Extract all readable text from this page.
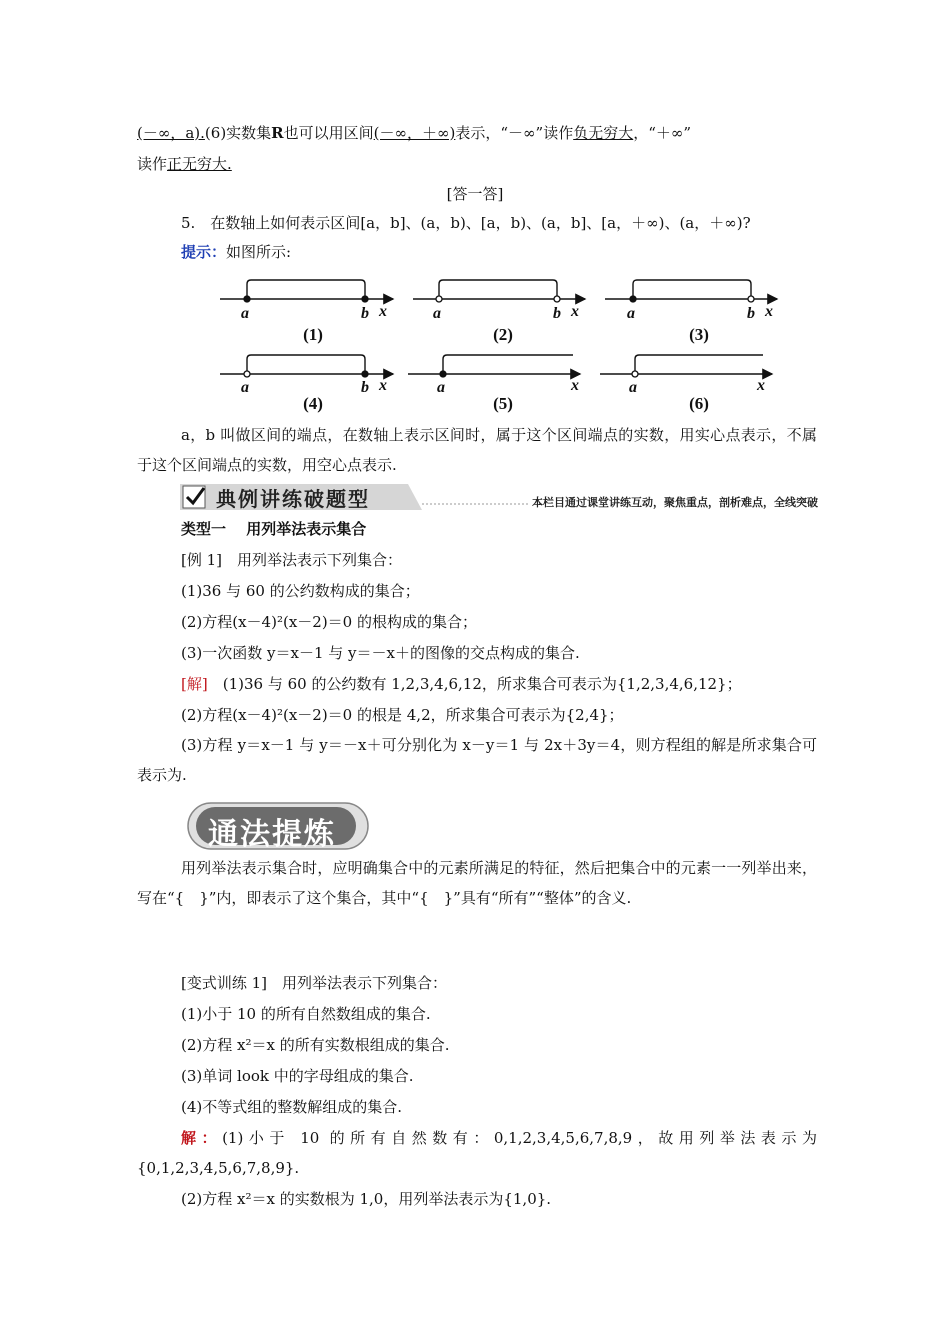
(－∞，a).(6)实数集R也可以用区间(－∞，＋∞)表示，“－∞”读作负无穷大，“＋∞”
读作正无穷大.
[答一答]
5.　在数轴上如何表示区间[a，b]、(a，b)、[a，b)、(a，b]、[a，＋∞)、(a，＋∞)?
提示：如图所示:
a	b x	a	b x	a	b x
a	b x	a	x	a	x
(1)	(2)	(3)
(4)	(5)	(6)
a，b 叫做区间的端点，在数轴上表示区间时，属于这个区间端点的实数，用实心点表示，不属于这个区间端点的实数，用空心点表示.
典例讲练破题型	本栏目通过课堂讲练互动，聚焦重点，剖析难点，全线突破
类型一　 用列举法表示集合
[例 1]　用列举法表示下列集合：
(1)36 与 60 的公约数构成的集合；
(2)方程(x－4)²(x－2)＝0 的根构成的集合；
(3)一次函数 y＝x－1 与 y＝－x＋的图像的交点构成的集合.
[解]　 (1)36 与 60 的公约数有 1,2,3,4,6,12，所求集合可表示为{1,2,3,4,6,12}；
(2)方程(x－4)²(x－2)＝0 的根是 4,2，所求集合可表示为{2,4}；
(3)方程 y＝x－1 与 y＝－x＋可分别化为 x－y＝1 与 2x＋3y＝4，则方程组的解是所求集合可表示为.
通法提炼
用列举法表示集合时，应明确集合中的元素所满足的特征，然后把集合中的元素一一列举出来，写在“{　}”内，即表示了这个集合，其中“{　}”具有“所有”“整体”的含义.
[变式训练 1]　用列举法表示下列集合：
(1)小于 10 的所有自然数组成的集合.
(2)方程 x²＝x 的所有实数根组成的集合.
(3)单词 look 中的字母组成的集合.
(4)不等式组的整数解组成的集合.
解：(1)小于 10 的所有自然数有：0,1,2,3,4,5,6,7,8,9，故用列举法表示为{0,1,2,3,4,5,6,7,8,9}.
(2)方程 x²＝x 的实数根为 1,0，用列举法表示为{1,0}.
